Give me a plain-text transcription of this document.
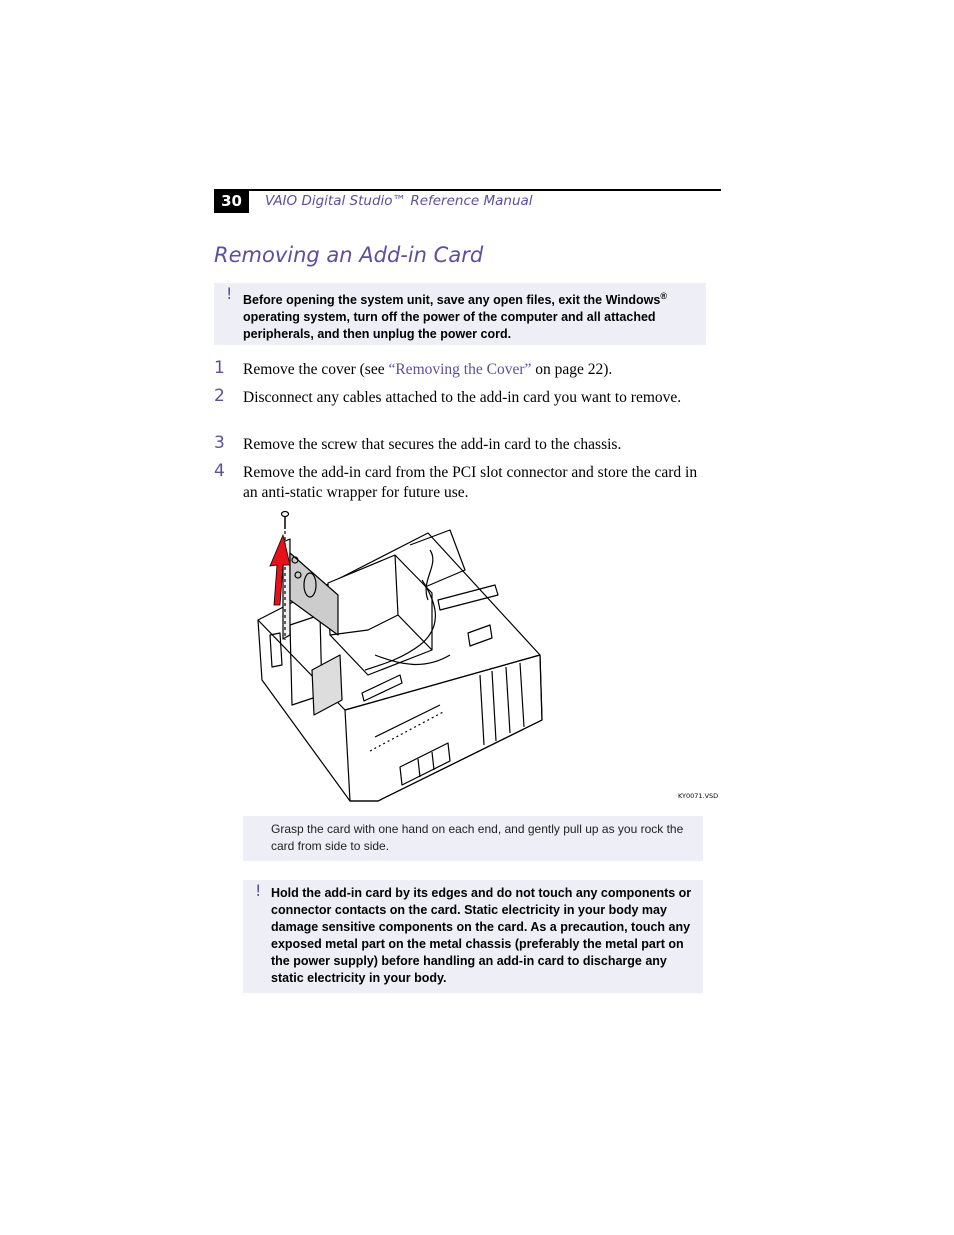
30	VAIO Digital Studio™ Reference Manual
Removing an Add-in Card
! Before opening the system unit, save any open files, exit the Windows® operating system, turn off the power of the computer and all attached peripherals, and then unplug the power cord.
1 Remove the cover (see “Removing the Cover” on page 22).
2 Disconnect any cables attached to the add-in card you want to remove.
3 Remove the screw that secures the add-in card to the chassis.
4 Remove the add-in card from the PCI slot connector and store the card in an anti-static wrapper for future use.
KY0071.VSD
Grasp the card with one hand on each end, and gently pull up as you rock the card from side to side.
! Hold the add-in card by its edges and do not touch any components or connector contacts on the card. Static electricity in your body may damage sensitive components on the card. As a precaution, touch any exposed metal part on the metal chassis (preferably the metal part on the power supply) before handling an add-in card to discharge any static electricity in your body.
